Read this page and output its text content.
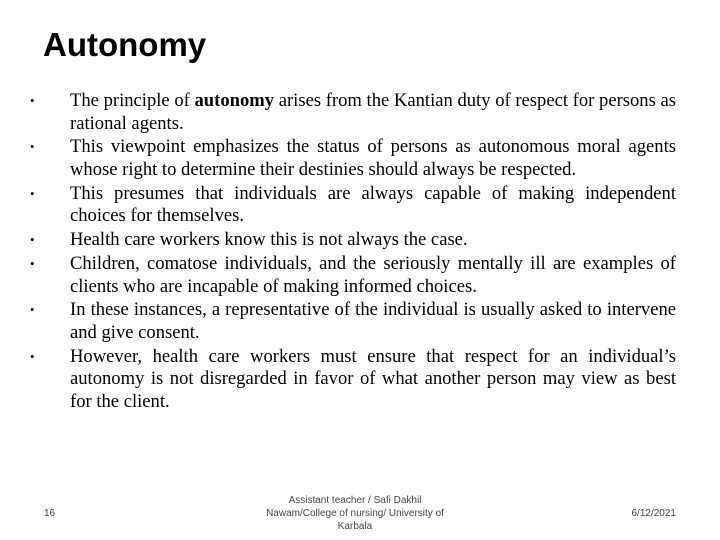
Autonomy
•	The principle of autonomy arises from the Kantian duty of respect for persons as rational agents.
•	This viewpoint emphasizes the status of persons as autonomous moral agents whose right to determine their destinies should always be respected.
•	This presumes that individuals are always capable of making independent choices for themselves.
•	Health care workers know this is not always the case.
•	Children, comatose individuals, and the seriously mentally ill are examples of clients who are incapable of making informed choices.
•	In these instances, a representative of the individual is usually asked to intervene and give consent.
•	However, health care workers must ensure that respect for an individual’s autonomy is not disregarded in favor of what another person may view as best for the client.
16
Assistant teacher / Safi Dakhil
Nawam/College of nursing/ University of
Karbala
6/12/2021
